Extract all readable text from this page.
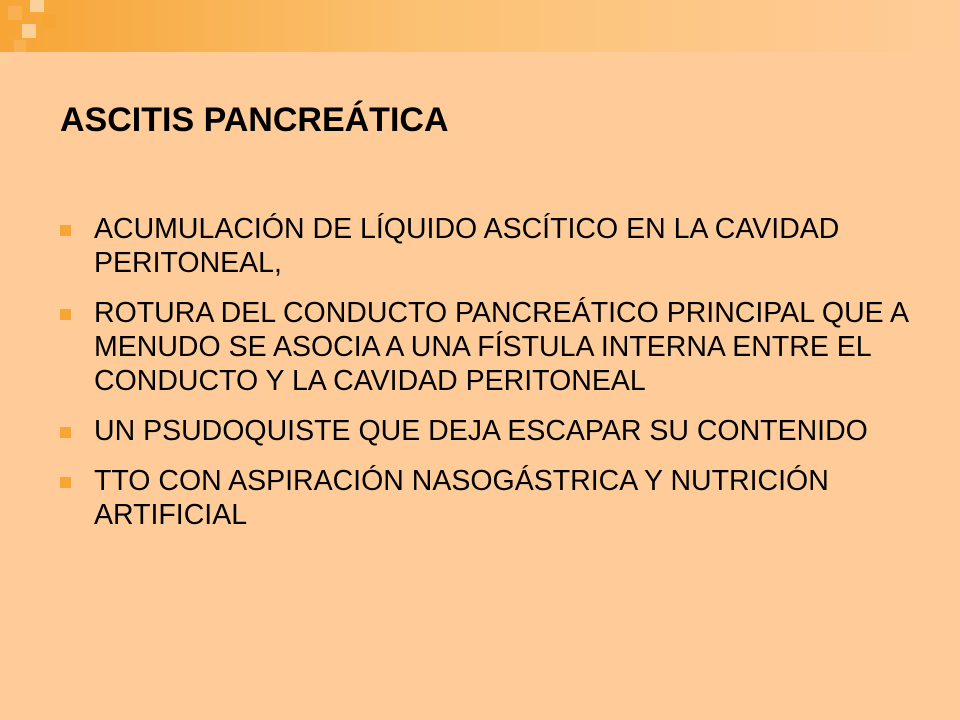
ASCITIS PANCREÁTICA
ACUMULACIÓN DE LÍQUIDO ASCÍTICO EN LA CAVIDAD PERITONEAL,
ROTURA DEL CONDUCTO PANCREÁTICO PRINCIPAL QUE A MENUDO SE ASOCIA A UNA FÍSTULA INTERNA ENTRE EL CONDUCTO Y LA CAVIDAD PERITONEAL
UN PSUDOQUISTE QUE DEJA ESCAPAR SU CONTENIDO
TTO CON ASPIRACIÓN NASOGÁSTRICA Y NUTRICIÓN ARTIFICIAL
